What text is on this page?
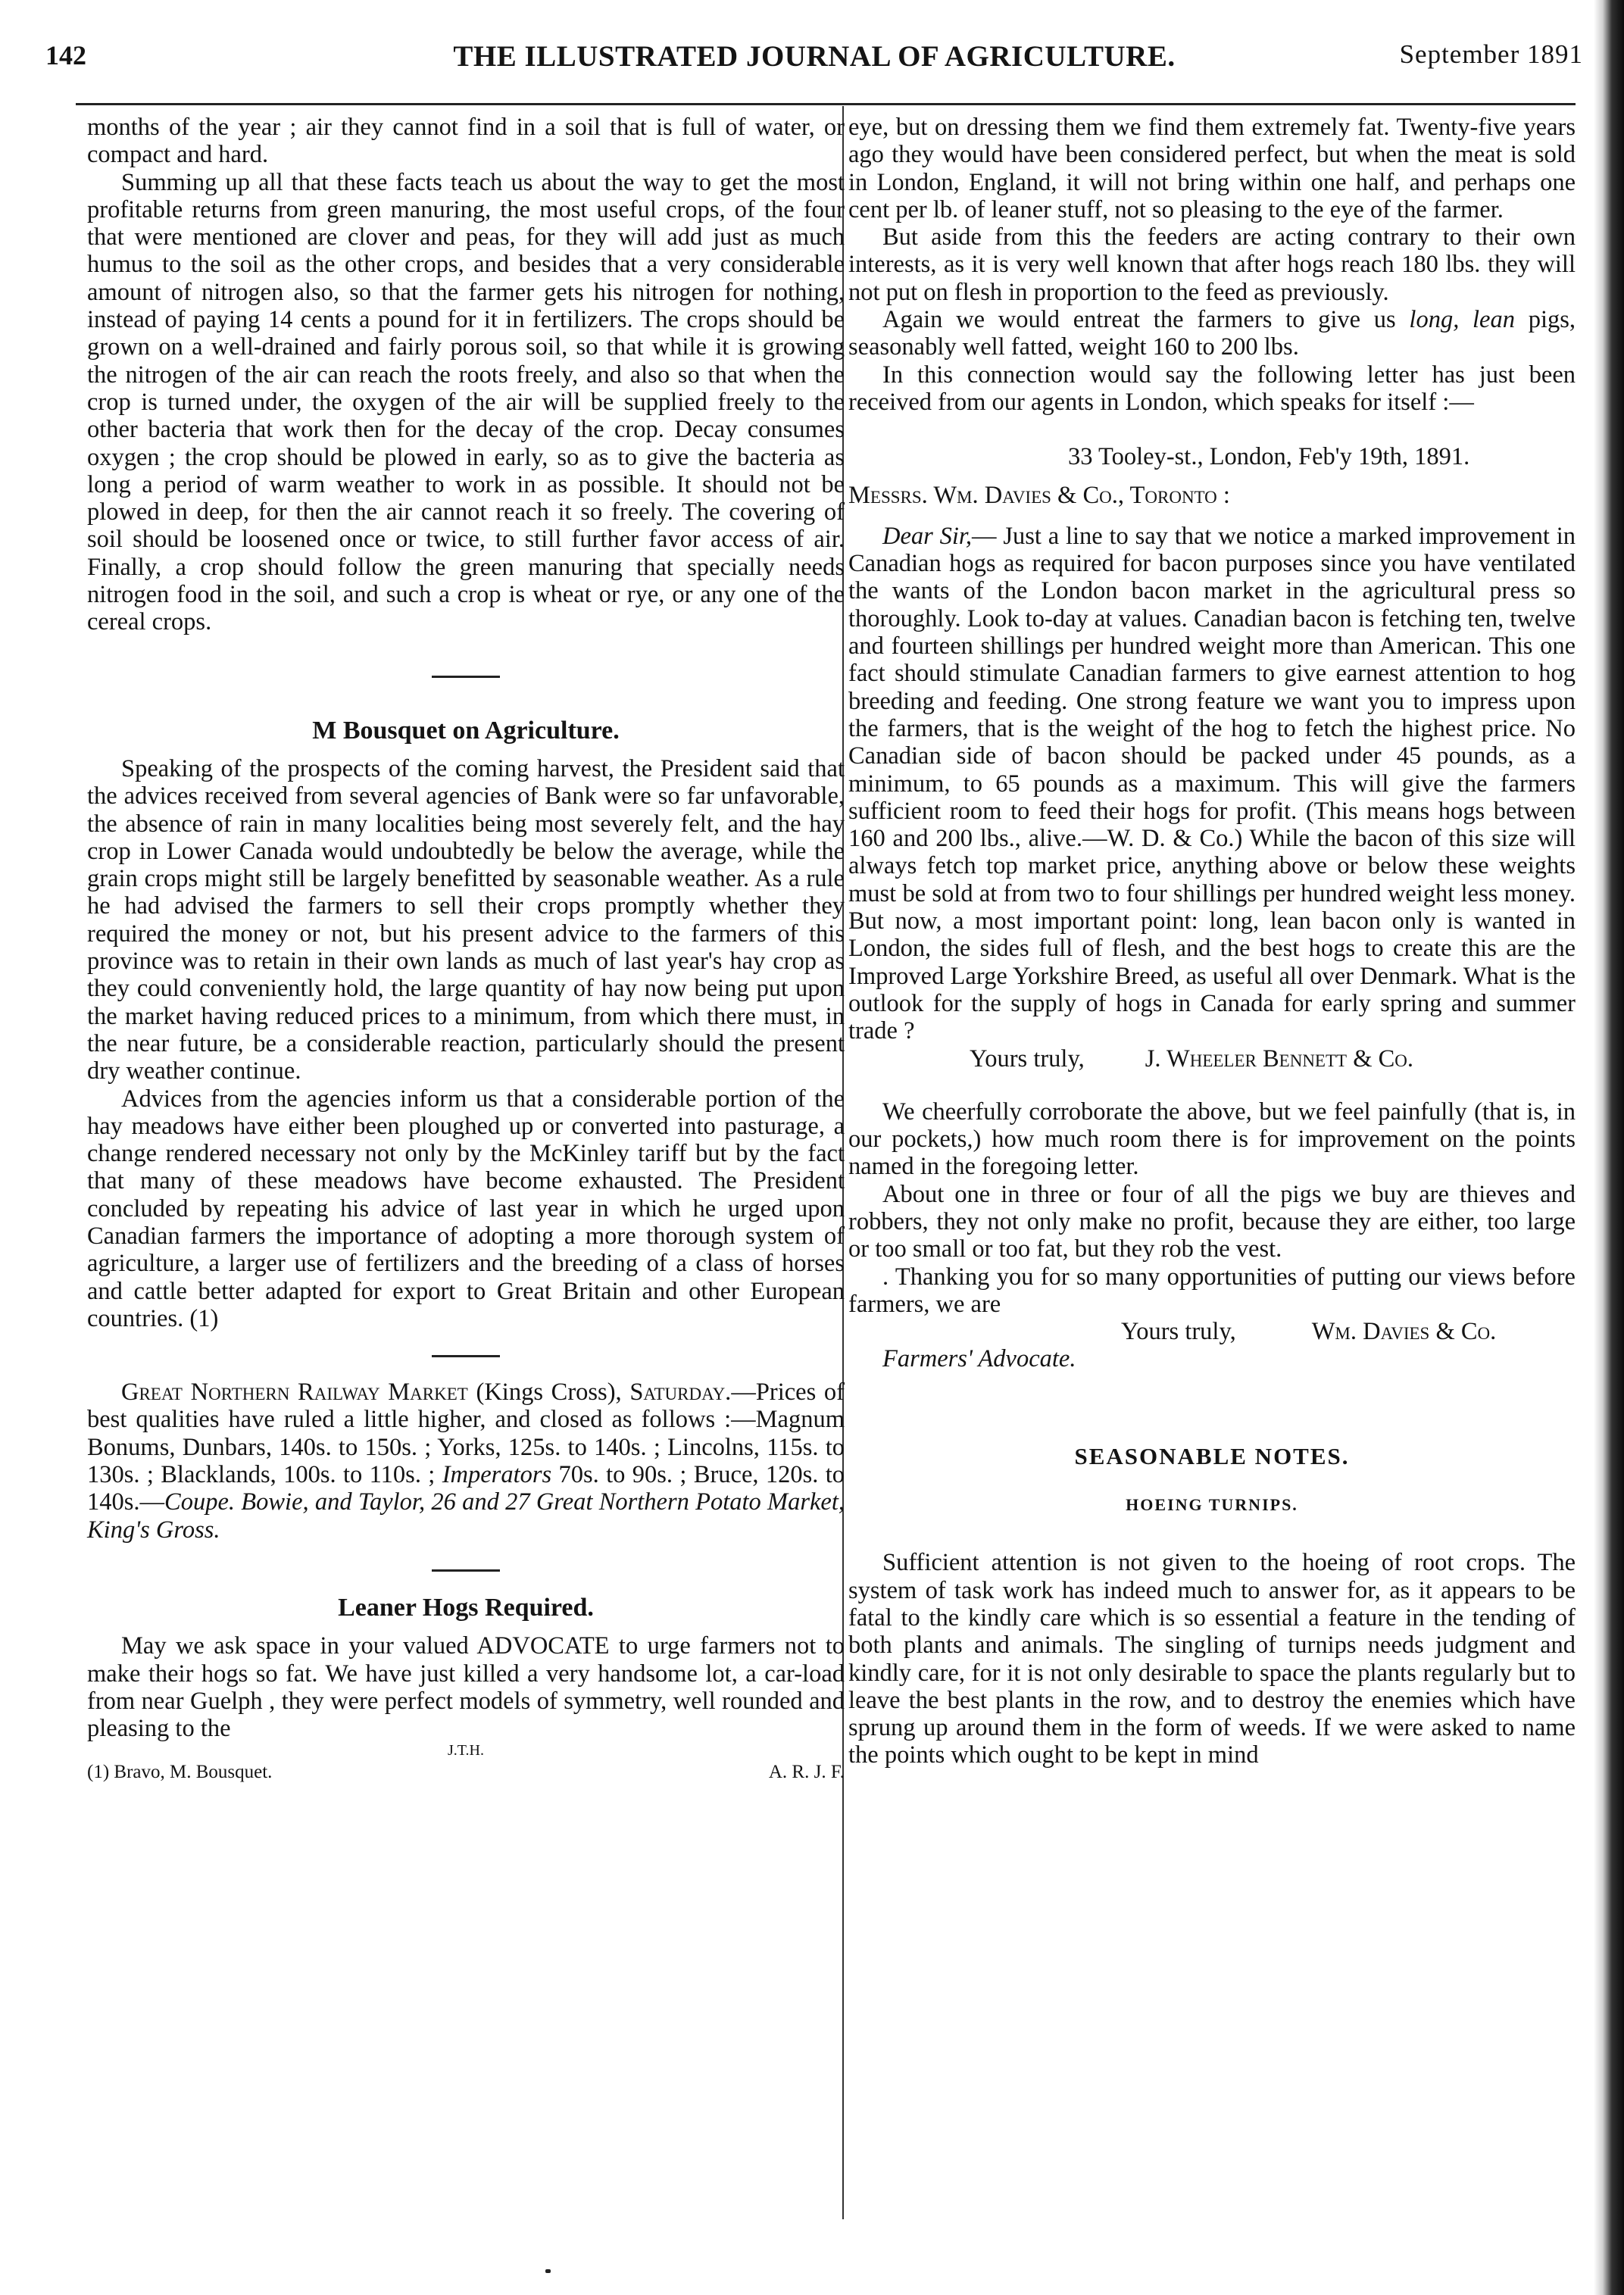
142	THE ILLUSTRATED JOURNAL OF AGRICULTURE.	September 1891

months of the year ; air they cannot find in a soil that is full of water, or compact and hard.

Summing up all that these facts teach us about the way to get the most profitable returns from green manuring, the most useful crops, of the four that were mentioned are clover and peas, for they will add just as much humus to the soil as the other crops, and besides that a very considerable amount of nitrogen also, so that the farmer gets his nitrogen for nothing, instead of paying 14 cents a pound for it in fertilizers. The crops should be grown on a well-drained and fairly porous soil, so that while it is growing the nitrogen of the air can reach the roots freely, and also so that when the crop is turned under, the oxygen of the air will be supplied freely to the other bacteria that work then for the decay of the crop. Decay consumes oxygen ; the crop should be plowed in early, so as to give the bacteria as long a period of warm weather to work in as possible. It should not be plowed in deep, for then the air cannot reach it so freely. The covering of soil should be loosened once or twice, to still further favor access of air. Finally, a crop should follow the green manuring that specially needs nitrogen food in the soil, and such a crop is wheat or rye, or any one of the cereal crops.

M Bousquet on Agriculture.

Speaking of the prospects of the coming harvest, the President said that the advices received from several agencies of Bank were so far unfavorable, the absence of rain in many localities being most severely felt, and the hay crop in Lower Canada would undoubtedly be below the average, while the grain crops might still be largely benefitted by seasonable weather. As a rule he had advised the farmers to sell their crops promptly whether they required the money or not, but his present advice to the farmers of this province was to retain in their own lands as much of last year's hay crop as they could conveniently hold, the large quantity of hay now being put upon the market having reduced prices to a minimum, from which there must, in the near future, be a considerable reaction, particularly should the present dry weather continue.

Advices from the agencies inform us that a considerable portion of the hay meadows have either been ploughed up or converted into pasturage, a change rendered necessary not only by the McKinley tariff but by the fact that many of these meadows have become exhausted. The President concluded by repeating his advice of last year in which he urged upon Canadian farmers the importance of adopting a more thorough system of agriculture, a larger use of fertilizers and the breeding of a class of horses and cattle better adapted for export to Great Britain and other European countries. (1)

Great Northern Railway Market (Kings Cross), Saturday.—Prices of best qualities have ruled a little higher, and closed as follows :—Magnum Bonums, Dunbars, 140s. to 150s. ; Yorks, 125s. to 140s. ; Lincolns, 115s. to 130s. ; Blacklands, 100s. to 110s. ; Imperators 70s. to 90s. ; Bruce, 120s. to 140s.—Coupe. Bowie, and Taylor, 26 and 27 Great Northern Potato Market, King's Gross.

Leaner Hogs Required.

May we ask space in your valued ADVOCATE to urge farmers not to make their hogs so fat. We have just killed a very handsome lot, a car-load from near Guelph , they were perfect models of symmetry, well rounded and pleasing to the

J.T.H.
(1) Bravo, M. Bousquet.	A. R. J. F.

eye, but on dressing them we find them extremely fat. Twenty-five years ago they would have been considered perfect, but when the meat is sold in London, England, it will not bring within one half, and perhaps one cent per lb. of leaner stuff, not so pleasing to the eye of the farmer.

But aside from this the feeders are acting contrary to their own interests, as it is very well known that after hogs reach 180 lbs. they will not put on flesh in proportion to the feed as previously.

Again we would entreat the farmers to give us long, lean pigs, seasonably well fatted, weight 160 to 200 lbs.

In this connection would say the following letter has just been received from our agents in London, which speaks for itself :—

33 Tooley-st., London, Feb'y 19th, 1891.

Messrs. Wm. Davies & Co., Toronto :

Dear Sir,— Just a line to say that we notice a marked improvement in Canadian hogs as required for bacon purposes since you have ventilated the wants of the London bacon market in the agricultural press so thoroughly. Look to-day at values. Canadian bacon is fetching ten, twelve and fourteen shillings per hundred weight more than American. This one fact should stimulate Canadian farmers to give earnest attention to hog breeding and feeding. One strong feature we want you to impress upon the farmers, that is the weight of the hog to fetch the highest price. No Canadian side of bacon should be packed under 45 pounds, as a minimum, to 65 pounds as a maximum. This will give the farmers sufficient room to feed their hogs for profit. (This means hogs between 160 and 200 lbs., alive.—W. D. & Co.) While the bacon of this size will always fetch top market price, anything above or below these weights must be sold at from two to four shillings per hundred weight less money. But now, a most important point: long, lean bacon only is wanted in London, the sides full of flesh, and the best hogs to create this are the Improved Large Yorkshire Breed, as useful all over Denmark. What is the outlook for the supply of hogs in Canada for early spring and summer trade ?

Yours truly, J. Wheeler Bennett & Co.

We cheerfully corroborate the above, but we feel painfully (that is, in our pockets,) how much room there is for improvement on the points named in the foregoing letter.

About one in three or four of all the pigs we buy are thieves and robbers, they not only make no profit, because they are either, too large or too small or too fat, but they rob the vest.

. Thanking you for so many opportunities of putting our views before farmers, we are

Yours truly,	Wm. Davies & Co.

Farmers' Advocate.

SEASONABLE NOTES.
HOEING TURNIPS.

Sufficient attention is not given to the hoeing of root crops. The system of task work has indeed much to answer for, as it appears to be fatal to the kindly care which is so essential a feature in the tending of both plants and animals. The singling of turnips needs judgment and kindly care, for it is not only desirable to space the plants regularly but to leave the best plants in the row, and to destroy the enemies which have sprung up around them in the form of weeds. If we were asked to name the points which ought to be kept in mind
